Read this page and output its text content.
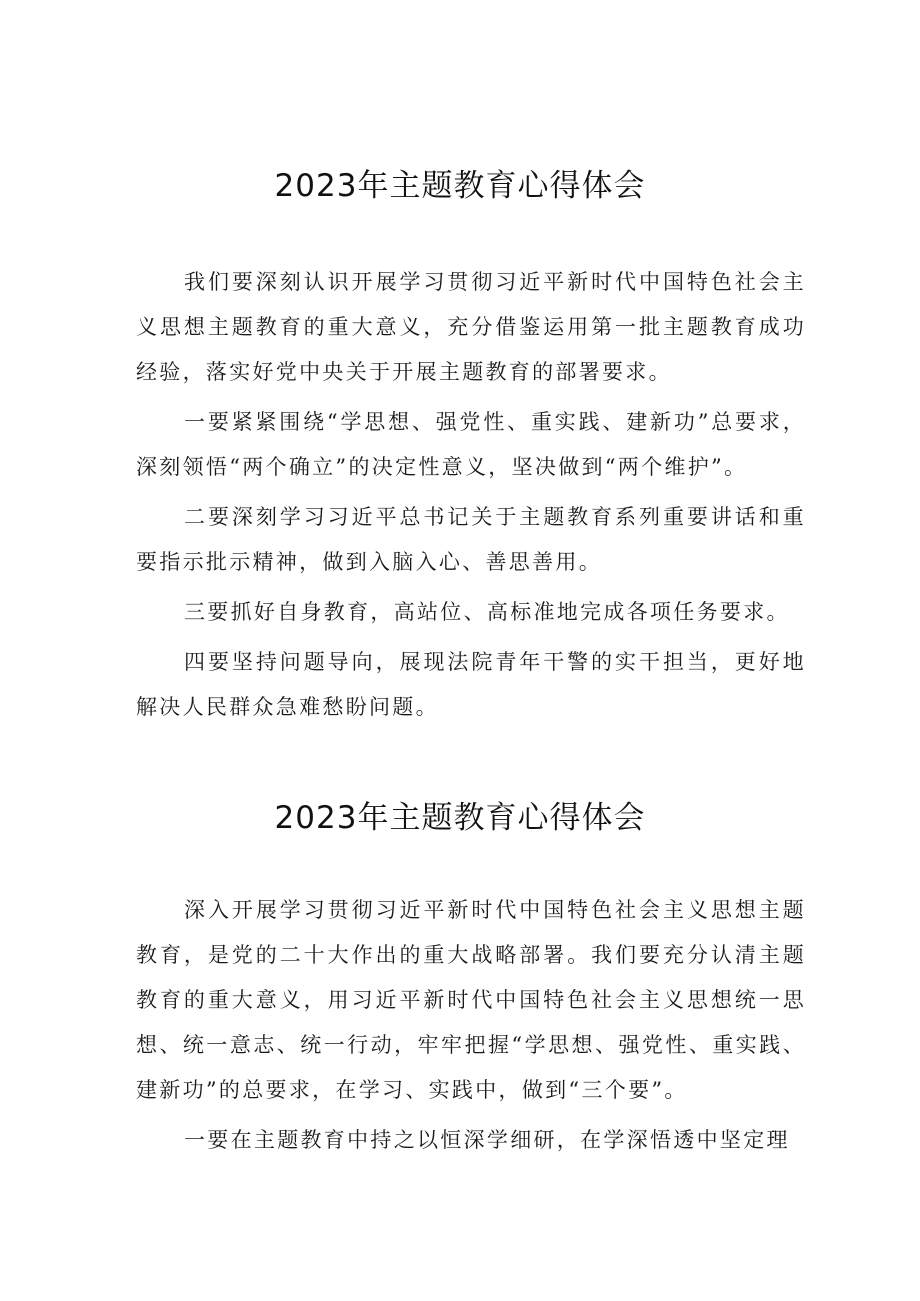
2023年主题教育心得体会

我们要深刻认识开展学习贯彻习近平新时代中国特色社会主义思想主题教育的重大意义，充分借鉴运用第一批主题教育成功经验，落实好党中央关于开展主题教育的部署要求。

一要紧紧围绕“学思想、强党性、重实践、建新功”总要求，深刻领悟“两个确立”的决定性意义，坚决做到“两个维护”。

二要深刻学习习近平总书记关于主题教育系列重要讲话和重要指示批示精神，做到入脑入心、善思善用。

三要抓好自身教育，高站位、高标准地完成各项任务要求。

四要坚持问题导向，展现法院青年干警的实干担当，更好地解决人民群众急难愁盼问题。

2023年主题教育心得体会

深入开展学习贯彻习近平新时代中国特色社会主义思想主题教育，是党的二十大作出的重大战略部署。我们要充分认清主题教育的重大意义，用习近平新时代中国特色社会主义思想统一思想、统一意志、统一行动，牢牢把握“学思想、强党性、重实践、建新功”的总要求，在学习、实践中，做到“三个要”。

一要在主题教育中持之以恒深学细研，在学深悟透中坚定理
